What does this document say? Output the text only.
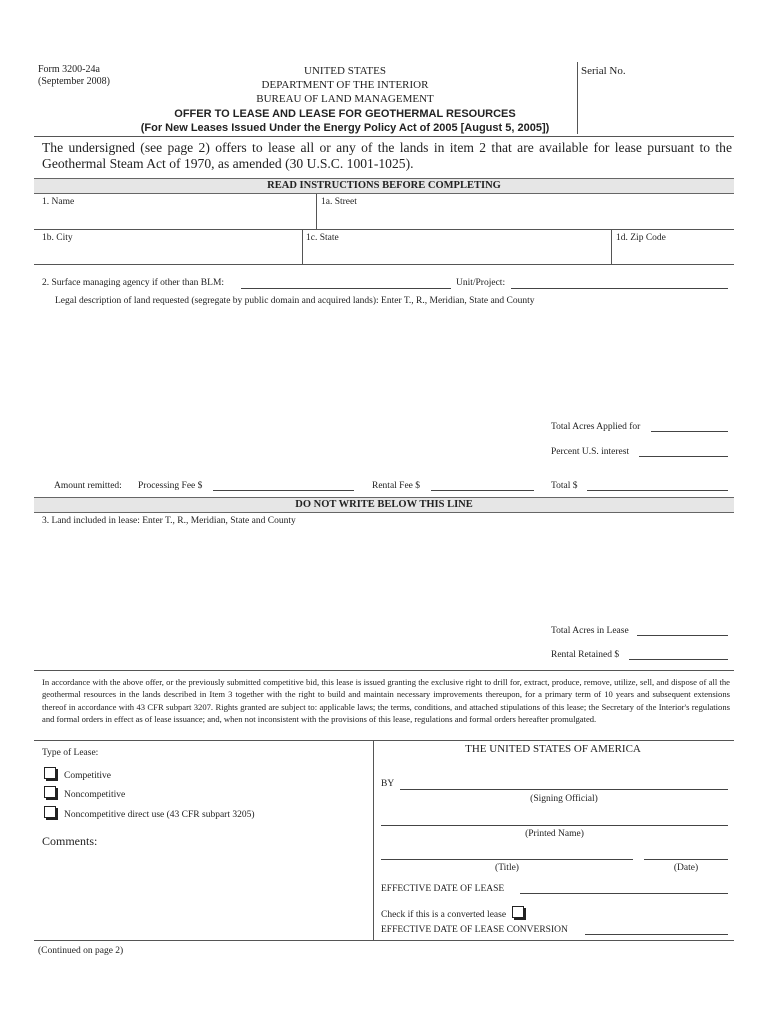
Form 3200-24a
(September 2008)
UNITED STATES
DEPARTMENT OF THE INTERIOR
BUREAU OF LAND MANAGEMENT
OFFER TO LEASE AND LEASE FOR GEOTHERMAL RESOURCES
(For New Leases Issued Under the Energy Policy Act of 2005 [August 5, 2005])
Serial No.
The undersigned (see page 2) offers to lease all or any of the lands in item 2 that are available for lease pursuant to the Geothermal Steam Act of 1970, as amended (30 U.S.C. 1001-1025).
READ INSTRUCTIONS BEFORE COMPLETING
1. Name	1a. Street
1b. City	1c. State	1d. Zip Code
2. Surface managing agency if other than BLM:	Unit/Project:
Legal description of land requested (segregate by public domain and acquired lands): Enter T., R., Meridian, State and County
Total Acres Applied for
Percent U.S. interest
Amount remitted: Processing Fee $	Rental Fee $	Total $
DO NOT WRITE BELOW THIS LINE
3. Land included in lease: Enter T., R., Meridian, State and County
Total Acres in Lease
Rental Retained $
In accordance with the above offer, or the previously submitted competitive bid, this lease is issued granting the exclusive right to drill for, extract, produce, remove, utilize, sell, and dispose of all the geothermal resources in the lands described in Item 3 together with the right to build and maintain necessary improvements thereupon, for a primary term of 10 years and subsequent extensions thereof in accordance with 43 CFR subpart 3207. Rights granted are subject to: applicable laws; the terms, conditions, and attached stipulations of this lease; the Secretary of the Interior's regulations and formal orders in effect as of lease issuance; and, when not inconsistent with the provisions of this lease, regulations and formal orders hereafter promulgated.
Type of Lease:
Competitive
Noncompetitive
Noncompetitive direct use (43 CFR subpart 3205)
Comments:
THE UNITED STATES OF AMERICA
BY
(Signing Official)
(Printed Name)
(Title)	(Date)
EFFECTIVE DATE OF LEASE
Check if this is a converted lease
EFFECTIVE DATE OF LEASE CONVERSION
(Continued on page 2)
